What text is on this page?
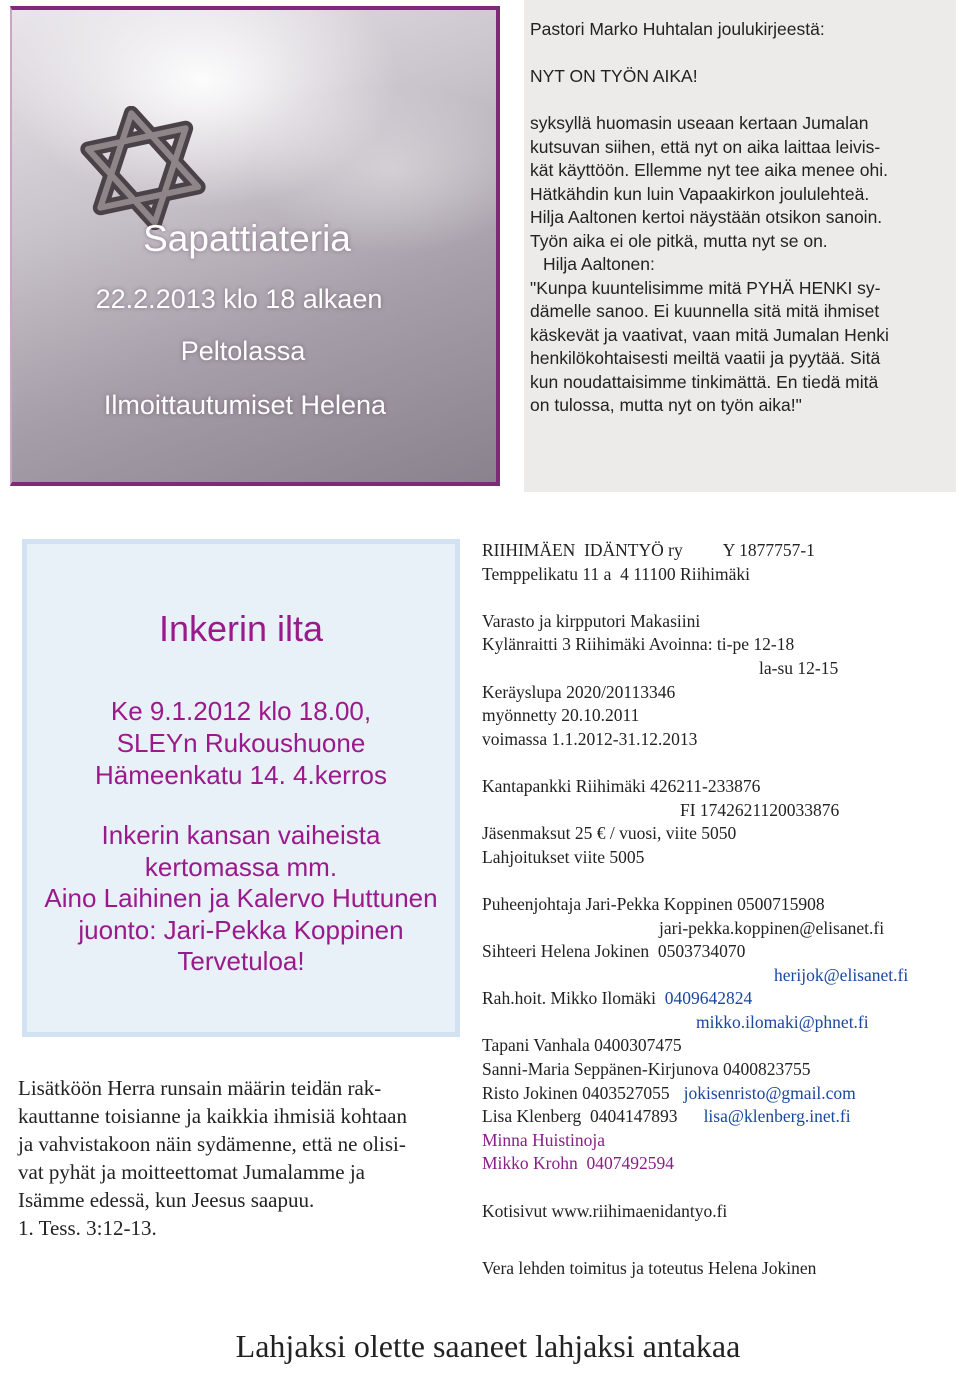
Sapattiateria

22.2.2013 klo 18 alkaen

Peltolassa

Ilmoittautumiset Helena

Pastori Marko Huhtalan joulukirjeestä:

NYT ON TYÖN AIKA!

syksyllä huomasin useaan kertaan Jumalan

kutsuvan siihen, että nyt on aika laittaa leivis-

kät käyttöön. Ellemme nyt tee aika menee ohi.

Hätkähdin kun luin Vapaakirkon joululehteä.

Hilja Aaltonen kertoi näystään otsikon sanoin.

Työn aika ei ole pitkä, mutta nyt se on.

Hilja Aaltonen:

"Kunpa kuuntelisimme mitä PYHÄ HENKI sy-

dämelle sanoo. Ei kuunnella sitä mitä ihmiset

käskevät ja vaativat, vaan mitä Jumalan Henki

henkilökohtaisesti meiltä vaatii ja pyytää. Sitä

kun noudattaisimme tinkimättä. En tiedä mitä

on tulossa, mutta nyt on työn aika!"

Inkerin ilta

Ke 9.1.2012 klo 18.00,

SLEYn Rukoushuone

Hämeenkatu 14. 4.kerros

Inkerin kansan vaiheista

kertomassa mm.

Aino Laihinen ja Kalervo Huttunen

juonto: Jari-Pekka Koppinen

Tervetuloa!

Lisätköön Herra runsain määrin teidän rak-
kauttanne toisianne ja kaikkia ihmisiä kohtaan
ja vahvistakoon näin sydämenne, että ne olisi-
vat pyhät ja moitteettomat Jumalamme ja
Isämme edessä, kun Jeesus saapuu.
1. Tess. 3:12-13.
RIIHIMÄEN  IDÄNTYÖ ry Y 1877757-1
Temppelikatu 11 a  4 11100 Riihimäki
Varasto ja kirpputori Makasiini
Kylänraitti 3 Riihimäki Avoinna: ti-pe 12-18
la-su 12-15
Keräyslupa 2020/20113346
myönnetty 20.10.2011
voimassa 1.1.2012-31.12.2013
Kantapankki Riihimäki 426211-233876
FI 1742621120033876
Jäsenmaksut 25 € / vuosi, viite 5050
Lahjoitukset viite 5005
Puheenjohtaja Jari-Pekka Koppinen 0500715908
jari-pekka.koppinen@elisanet.fi
Sihteeri Helena Jokinen  0503734070
herijok@elisanet.fi
Rah.hoit. Mikko Ilomäki 0409642824
mikko.ilomaki@phnet.fi
Tapani Vanhala 0400307475
Sanni-Maria Seppänen-Kirjunova 0400823755
Risto Jokinen 0403527055 jokisenristo@gmail.com
Lisa Klenberg  0404147893 lisa@klenberg.inet.fi
Minna Huistinoja
Mikko Krohn 0407492594
Kotisivut www.riihimaenidantyo.fi
Vera lehden toimitus ja toteutus Helena Jokinen

Lahjaksi olette saaneet lahjaksi antakaa
